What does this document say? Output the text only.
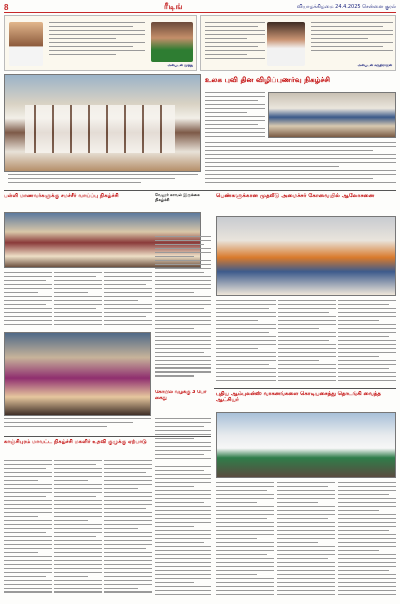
8	ரீடிங்	வியாழக்கிழமை 24.4.2025 சென்னை குரல்
அன்புடன் முத்து	அன்புடன் சுருதிராஜன்
உலக புவி தின விழிப்புணர்வு நிகழ்ச்சி
பள்ளி மாணவர்களுக்கு சமச்சீர் வாய்ப்பு நிகழ்ச்சி	வேலூர் காவல் இருக்கை நிகழ்ச்சி
பெண்களுக்கான முதலீடு அமைச்சர் கோவையில் ஆலோசனை
கோயில் வழக்கு 3 பேர் கைது
புதிய ஆம்புலன்ஸ் வாகனங்களை கொடியசைத்து தொடங்கி வைத்த ஆட்சியர்
காஞ்சிபுரம் மாவட்ட நிகழ்ச்சி மகளிர் உதவி குழுக்கு ஏற்பாடு
